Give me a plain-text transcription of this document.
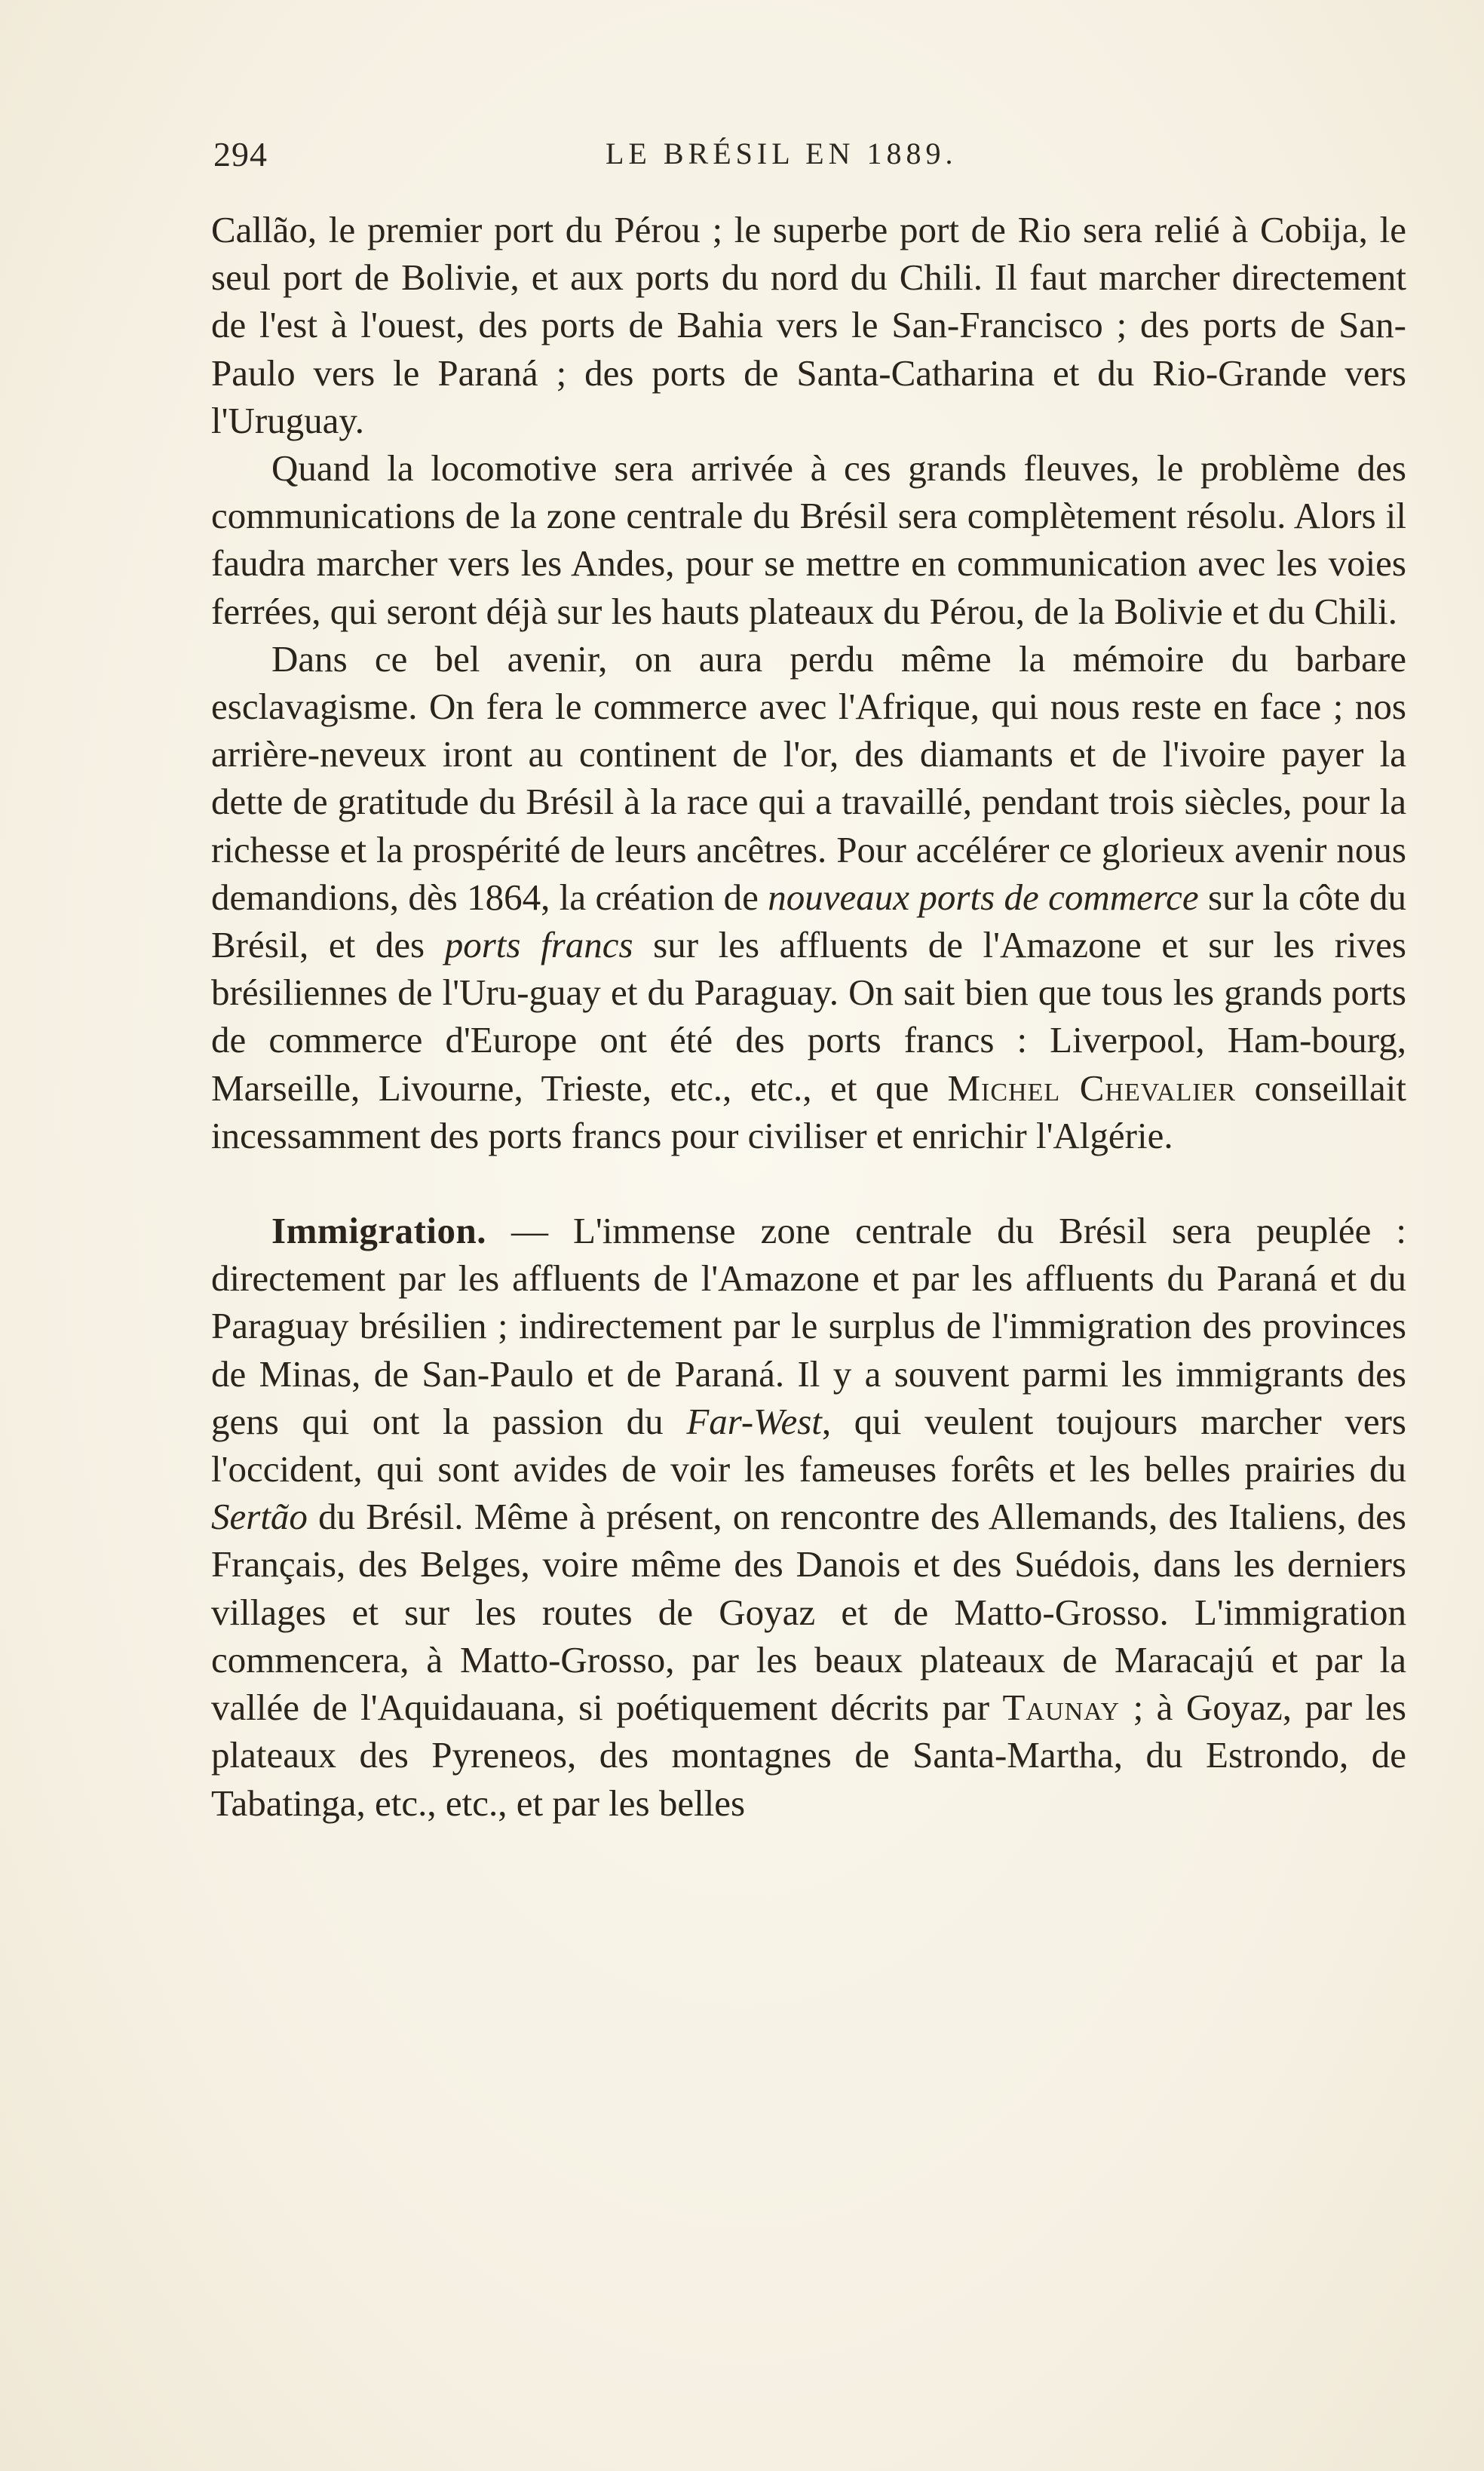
294	LE BRÉSIL EN 1889.

Callão, le premier port du Pérou ; le superbe port de Rio sera relié à Cobija, le seul port de Bolivie, et aux ports du nord du Chili. Il faut marcher directement de l'est à l'ouest, des ports de Bahia vers le San-Francisco ; des ports de San-Paulo vers le Paraná ; des ports de Santa-Catharina et du Rio-Grande vers l'Uruguay.

Quand la locomotive sera arrivée à ces grands fleuves, le problème des communications de la zone centrale du Brésil sera complètement résolu. Alors il faudra marcher vers les Andes, pour se mettre en communication avec les voies ferrées, qui seront déjà sur les hauts plateaux du Pérou, de la Bolivie et du Chili.

Dans ce bel avenir, on aura perdu même la mémoire du barbare esclavagisme. On fera le commerce avec l'Afrique, qui nous reste en face ; nos arrière-neveux iront au continent de l'or, des diamants et de l'ivoire payer la dette de gratitude du Brésil à la race qui a travaillé, pendant trois siècles, pour la richesse et la prospérité de leurs ancêtres. Pour accélérer ce glorieux avenir nous demandions, dès 1864, la création de nouveaux ports de commerce sur la côte du Brésil, et des ports francs sur les affluents de l'Amazone et sur les rives brésiliennes de l'Uru-guay et du Paraguay. On sait bien que tous les grands ports de commerce d'Europe ont été des ports francs : Liverpool, Ham-bourg, Marseille, Livourne, Trieste, etc., etc., et que Michel Chevalier conseillait incessamment des ports francs pour civiliser et enrichir l'Algérie.

Immigration. — L'immense zone centrale du Brésil sera peuplée : directement par les affluents de l'Amazone et par les affluents du Paraná et du Paraguay brésilien ; indirectement par le surplus de l'immigration des provinces de Minas, de San-Paulo et de Paraná. Il y a souvent parmi les immigrants des gens qui ont la passion du Far-West, qui veulent toujours marcher vers l'occident, qui sont avides de voir les fameuses forêts et les belles prairies du Sertão du Brésil. Même à présent, on rencontre des Allemands, des Italiens, des Français, des Belges, voire même des Danois et des Suédois, dans les derniers villages et sur les routes de Goyaz et de Matto-Grosso. L'immigration commencera, à Matto-Grosso, par les beaux plateaux de Maracajú et par la vallée de l'Aquidauana, si poétiquement décrits par Taunay ; à Goyaz, par les plateaux des Pyreneos, des montagnes de Santa-Martha, du Estrondo, de Tabatinga, etc., etc., et par les belles
